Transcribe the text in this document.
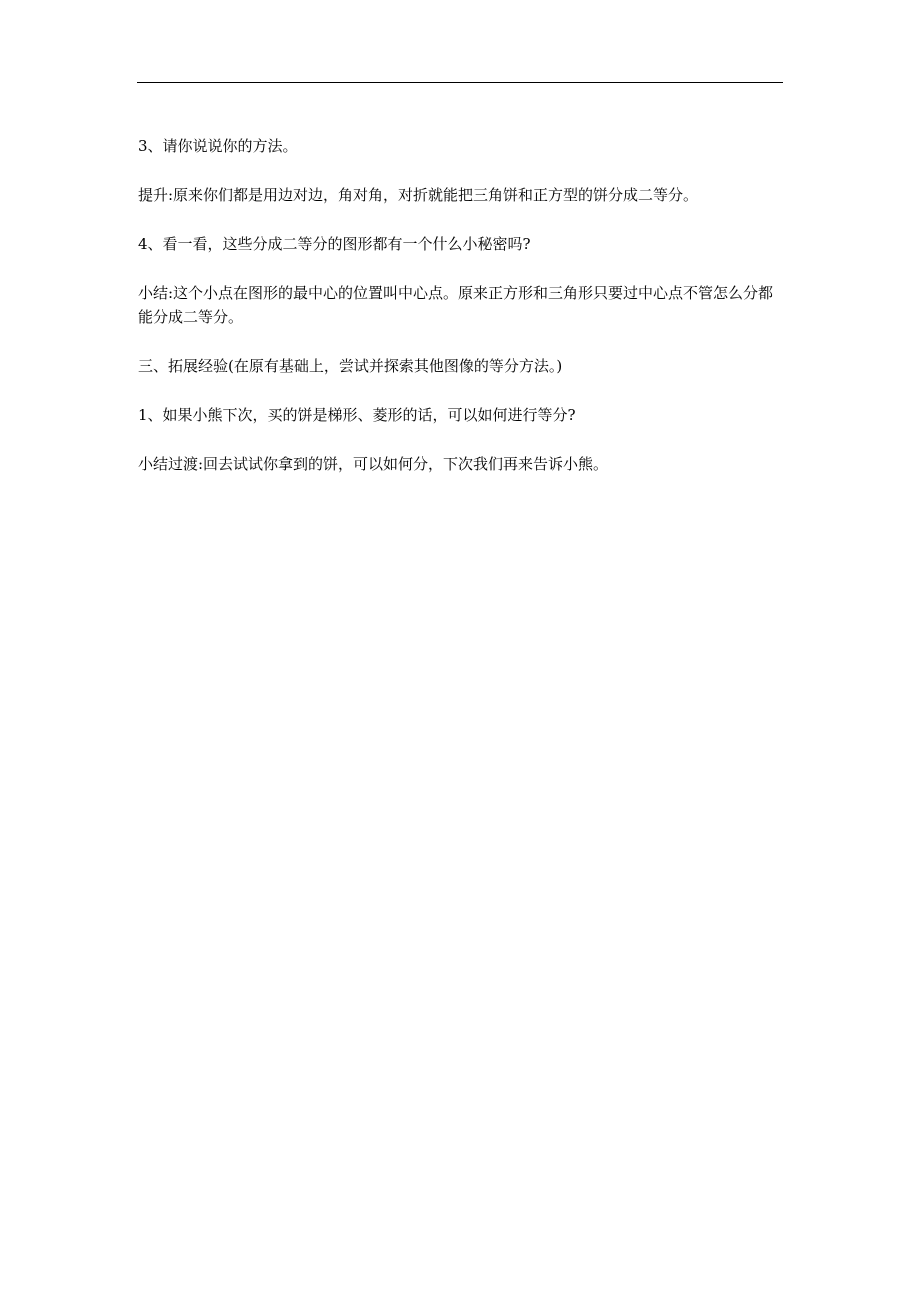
3、请你说说你的方法。

提升:原来你们都是用边对边，角对角，对折就能把三角饼和正方型的饼分成二等分。

4、看一看，这些分成二等分的图形都有一个什么小秘密吗?

小结:这个小点在图形的最中心的位置叫中心点。原来正方形和三角形只要过中心点不管怎么分都能分成二等分。

三、拓展经验(在原有基础上，尝试并探索其他图像的等分方法。)

1、如果小熊下次，买的饼是梯形、菱形的话，可以如何进行等分?

小结过渡:回去试试你拿到的饼，可以如何分，下次我们再来告诉小熊。
